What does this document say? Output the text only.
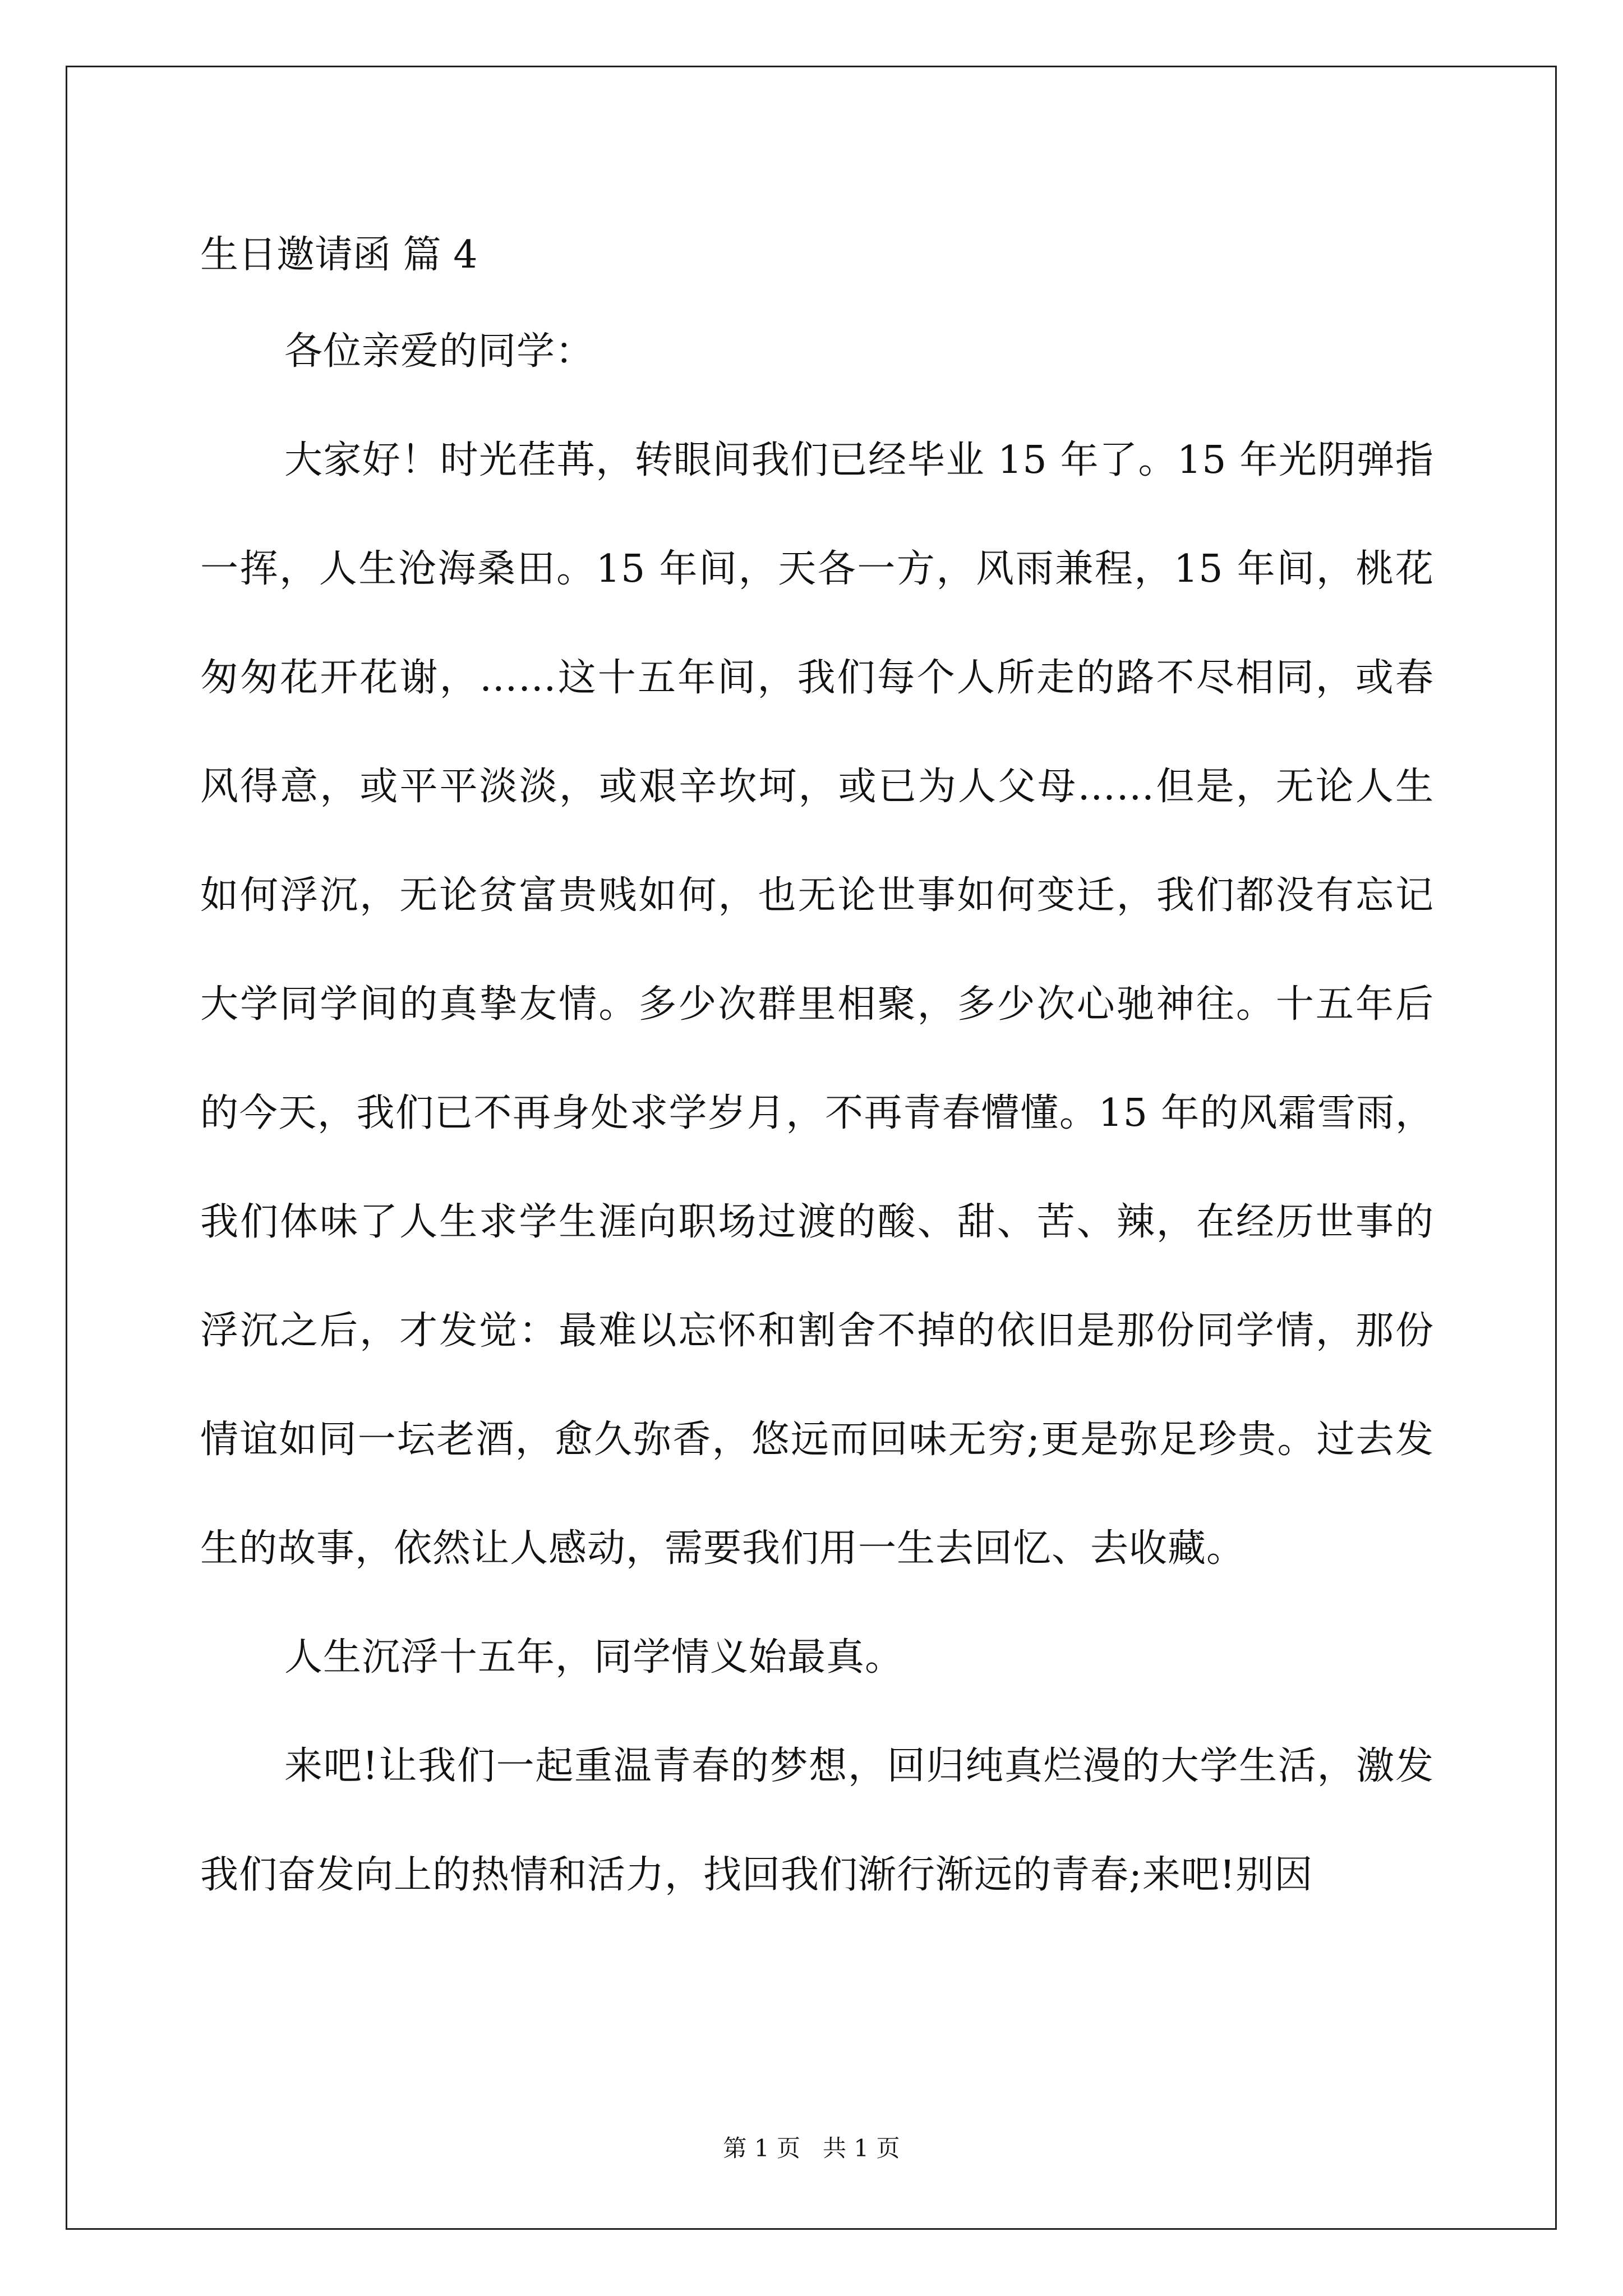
生日邀请函 篇 4

各位亲爱的同学：

大家好！时光荏苒，转眼间我们已经毕业 15 年了。15 年光阴弹指一挥，人生沧海桑田。15 年间，天各一方，风雨兼程，15 年间，桃花匆匆花开花谢，……这十五年间，我们每个人所走的路不尽相同，或春风得意，或平平淡淡，或艰辛坎坷，或已为人父母……但是，无论人生如何浮沉，无论贫富贵贱如何，也无论世事如何变迁，我们都没有忘记大学同学间的真挚友情。多少次群里相聚，多少次心驰神往。十五年后的今天，我们已不再身处求学岁月，不再青春懵懂。15 年的风霜雪雨，我们体味了人生求学生涯向职场过渡的酸、甜、苦、辣，在经历世事的浮沉之后，才发觉：最难以忘怀和割舍不掉的依旧是那份同学情，那份情谊如同一坛老酒，愈久弥香，悠远而回味无穷;更是弥足珍贵。过去发生的故事，依然让人感动，需要我们用一生去回忆、去收藏。

人生沉浮十五年，同学情义始最真。

来吧!让我们一起重温青春的梦想，回归纯真烂漫的大学生活，激发我们奋发向上的热情和活力，找回我们渐行渐远的青春;来吧!别因

第 1 页   共 1 页
